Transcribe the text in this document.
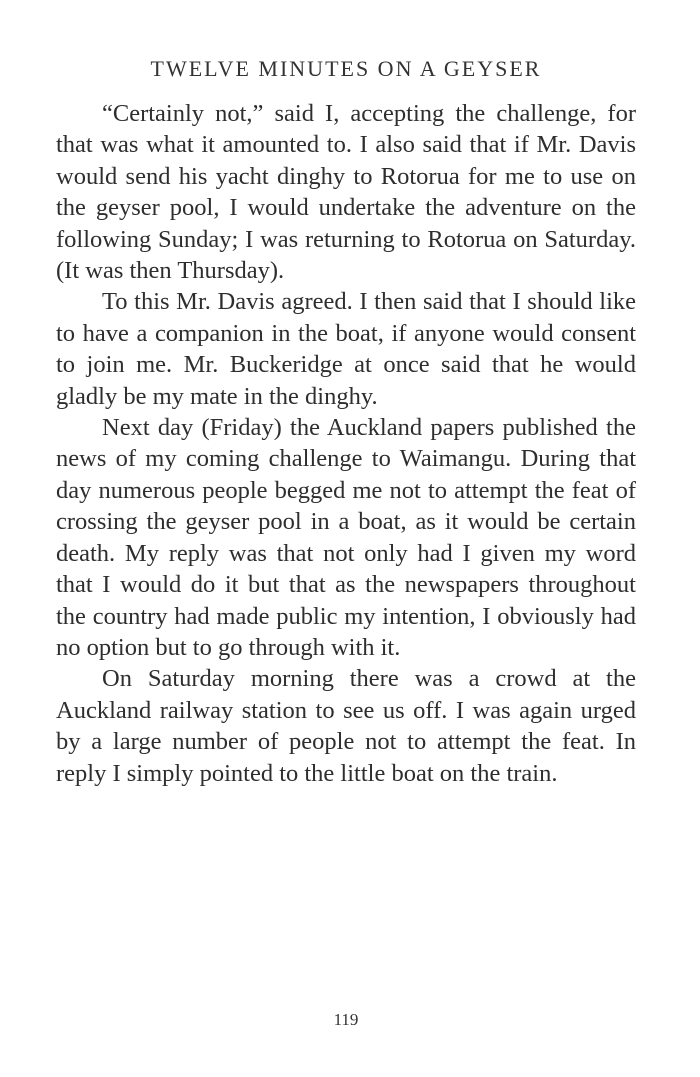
TWELVE MINUTES ON A GEYSER

“Certainly not,” said I, accepting the challenge, for that was what it amounted to. I also said that if Mr. Davis would send his yacht dinghy to Rotorua for me to use on the geyser pool, I would undertake the adventure on the following Sunday; I was returning to Rotorua on Saturday. (It was then Thursday).

To this Mr. Davis agreed. I then said that I should like to have a companion in the boat, if anyone would consent to join me. Mr. Buckeridge at once said that he would gladly be my mate in the dinghy.

Next day (Friday) the Auckland papers published the news of my coming challenge to Waimangu. During that day numerous people begged me not to attempt the feat of crossing the geyser pool in a boat, as it would be certain death. My reply was that not only had I given my word that I would do it but that as the newspapers throughout the country had made public my intention, I obviously had no option but to go through with it.

On Saturday morning there was a crowd at the Auckland railway station to see us off. I was again urged by a large number of people not to attempt the feat. In reply I simply pointed to the little boat on the train.

119
